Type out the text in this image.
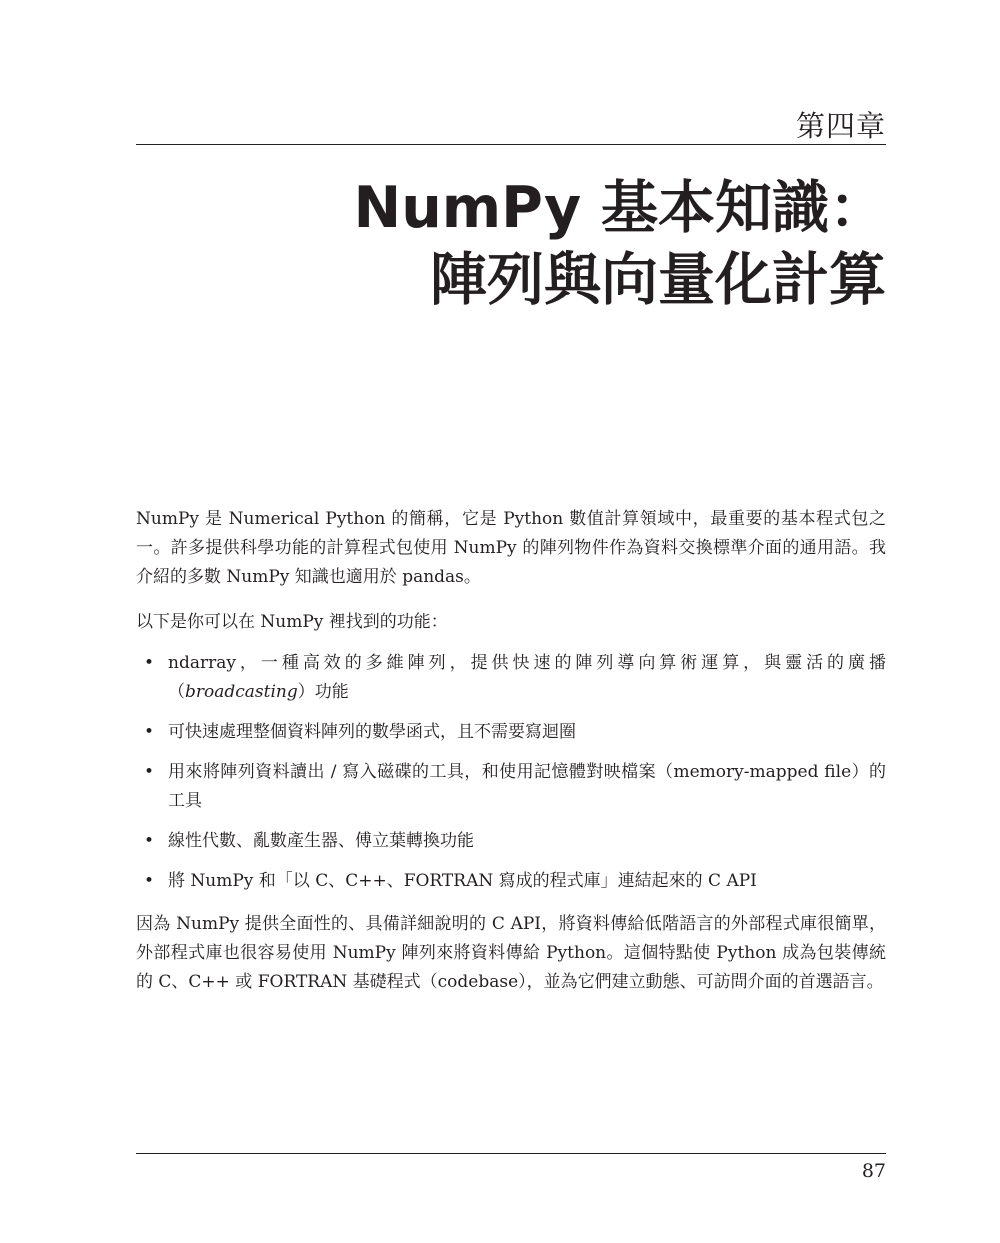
第四章
NumPy 基本知識：
陣列與向量化計算

NumPy 是 Numerical Python 的簡稱，它是 Python 數值計算領域中，最重要的基本程式包之一。許多提供科學功能的計算程式包使用 NumPy 的陣列物件作為資料交換標準介面的通用語。我介紹的多數 NumPy 知識也適用於 pandas。

以下是你可以在 NumPy 裡找到的功能：

• ndarray，一種高效的多維陣列，提供快速的陣列導向算術運算，與靈活的廣播（broadcasting）功能
• 可快速處理整個資料陣列的數學函式，且不需要寫迴圈
• 用來將陣列資料讀出 / 寫入磁碟的工具，和使用記憶體對映檔案（memory-mapped file）的工具
• 線性代數、亂數產生器、傅立葉轉換功能
• 將 NumPy 和「以 C、C++、FORTRAN 寫成的程式庫」連結起來的 C API

因為 NumPy 提供全面性的、具備詳細說明的 C API，將資料傳給低階語言的外部程式庫很簡單，外部程式庫也很容易使用 NumPy 陣列來將資料傳給 Python。這個特點使 Python 成為包裝傳統的 C、C++ 或 FORTRAN 基礎程式（codebase），並為它們建立動態、可訪問介面的首選語言。

87
